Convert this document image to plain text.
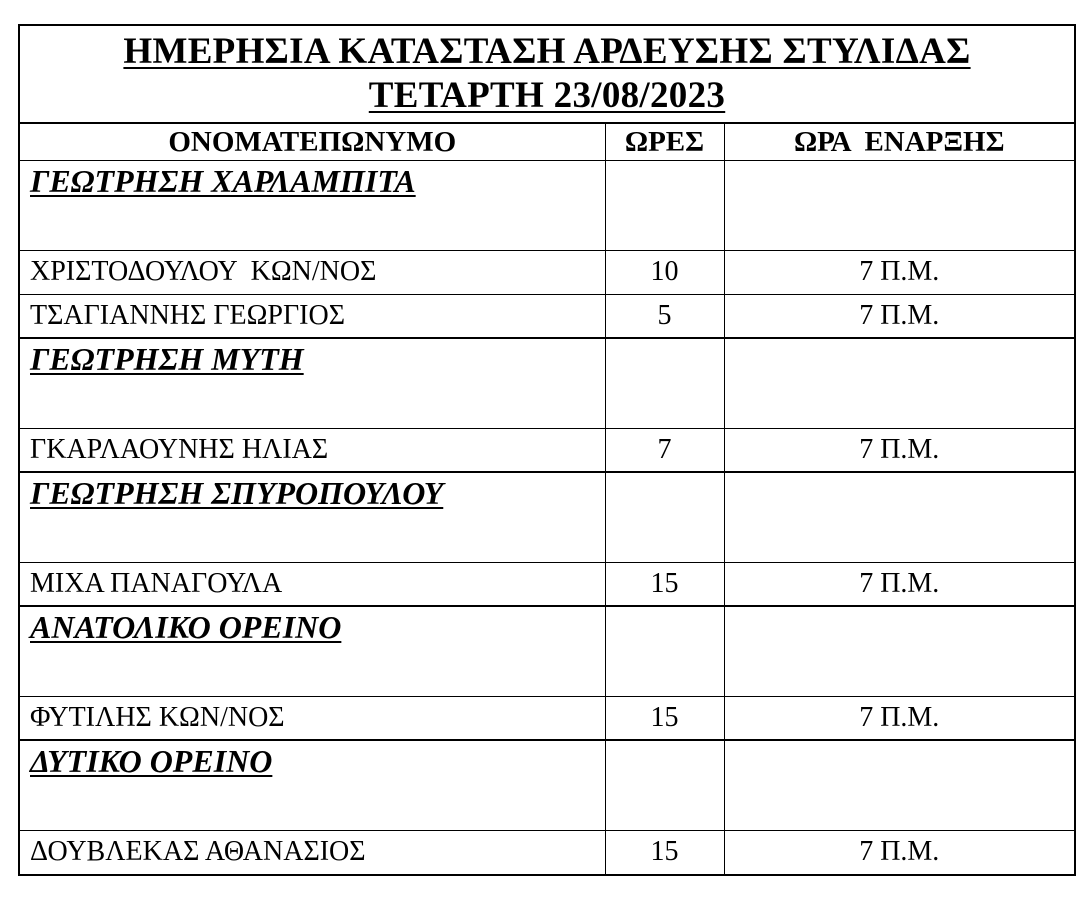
ΗΜΕΡΗΣΙΑ ΚΑΤΑΣΤΑΣΗ ΑΡΔΕΥΣΗΣ ΣΤΥΛΙΔΑΣ
ΤΕΤΑΡΤΗ 23/08/2023
ΟΝΟΜΑΤΕΠΩΝΥΜΟ	ΩΡΕΣ	ΩΡΑ  ΕΝΑΡΞΗΣ

ΓΕΩΤΡΗΣΗ ΧΑΡΛΑΜΠΙΤΑ		

ΧΡΙΣΤΟΔΟΥΛΟΥ  ΚΩΝ/ΝΟΣ	10	7 Π.Μ.
ΤΣΑΓΙΑΝΝΗΣ ΓΕΩΡΓΙΟΣ	5	7 Π.Μ.

ΓΕΩΤΡΗΣΗ ΜΥΤΗ		

ΓΚΑΡΛΑΟΥΝΗΣ ΗΛΙΑΣ	7	7 Π.Μ.

ΓΕΩΤΡΗΣΗ ΣΠΥΡΟΠΟΥΛΟΥ		

ΜΙΧΑ ΠΑΝΑΓΟΥΛΑ	15	7 Π.Μ.

ΑΝΑΤΟΛΙΚΟ ΟΡΕΙΝΟ		

ΦΥΤΙΛΗΣ ΚΩΝ/ΝΟΣ	15	7 Π.Μ.

ΔΥΤΙΚΟ ΟΡΕΙΝΟ		

ΔΟΥΒΛΕΚΑΣ ΑΘΑΝΑΣΙΟΣ	15	7 Π.Μ.
